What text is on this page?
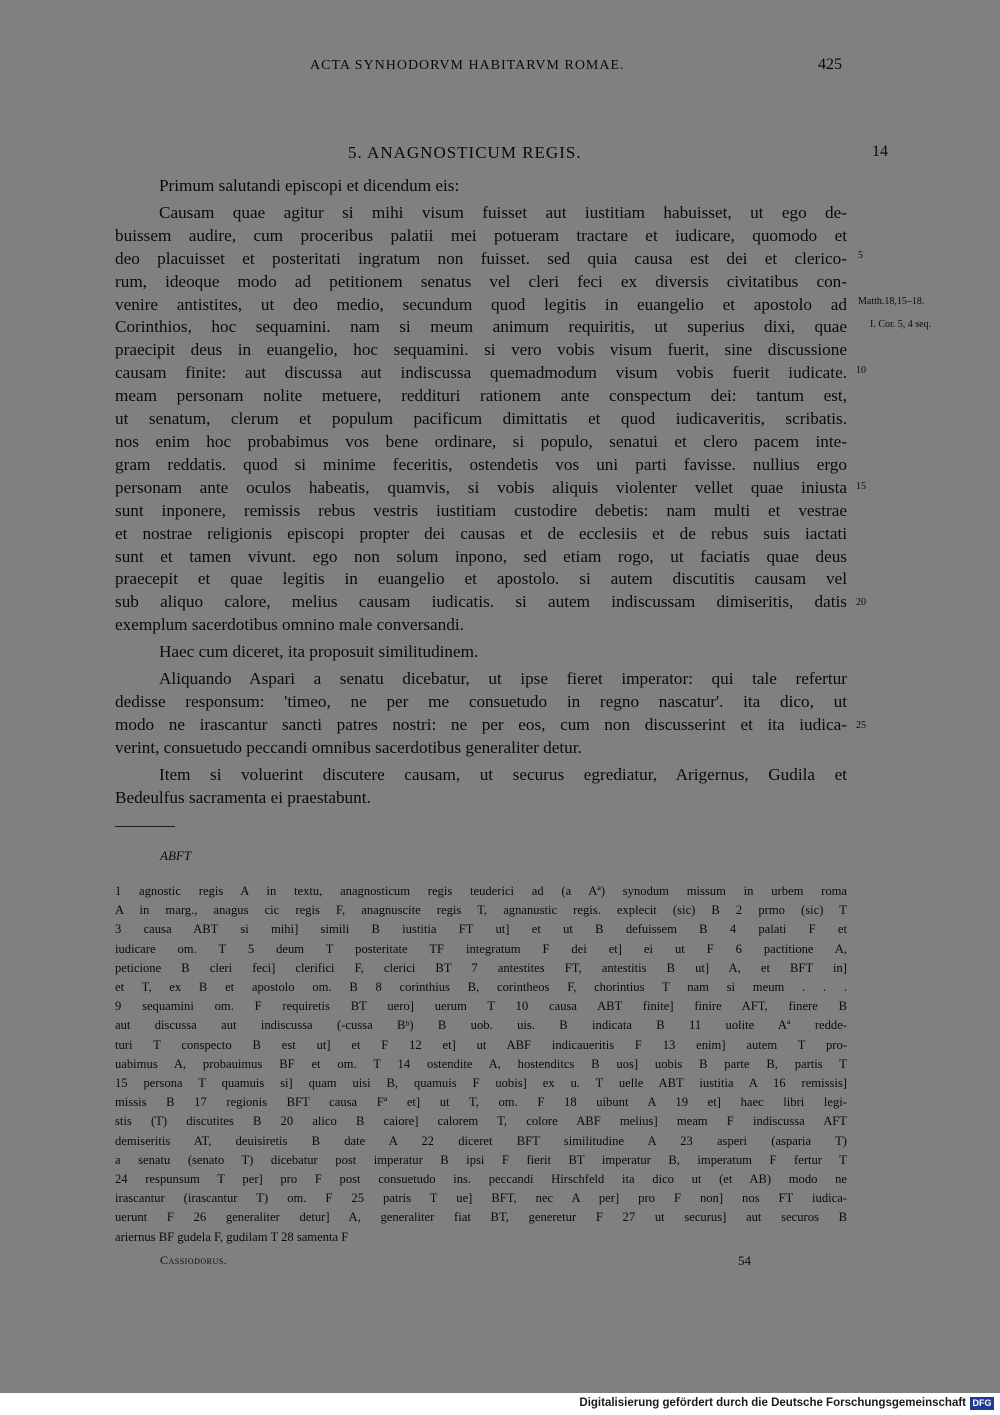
ACTA SYNHODORVM HABITARVM ROMAE.	425
5. ANAGNOSTICUM REGIS.	14

Primum salutandi episcopi et dicendum eis:

Causam quae agitur si mihi visum fuisset aut iustitiam habuisset, ut ego de-
buissem audire, cum proceribus palatii mei potueram tractare et iudicare, quomodo et
deo placuisset et posteritati ingratum non fuisset. sed quia causa est dei et clerico-
rum, ideoque modo ad petitionem senatus vel cleri feci ex diversis civitatibus con-
venire antistites, ut deo medio, secundum quod legitis in euangelio et apostolo ad
Corinthios, hoc sequamini. nam si meum animum requiritis, ut superius dixi, quae
praecipit deus in euangelio, hoc sequamini. si vero vobis visum fuerit, sine discussione
causam finite: aut discussa aut indiscussa quemadmodum visum vobis fuerit iudicate.
meam personam nolite metuere, reddituri rationem ante conspectum dei: tantum est,
ut senatum, clerum et populum pacificum dimittatis et quod iudicaveritis, scribatis.
nos enim hoc probabimus vos bene ordinare, si populo, senatui et clero pacem inte-
gram reddatis. quod si minime feceritis, ostendetis vos uni parti favisse. nullius ergo
personam ante oculos habeatis, quamvis, si vobis aliquis violenter vellet quae iniusta
sunt inponere, remissis rebus vestris iustitiam custodire debetis: nam multi et vestrae
et nostrae religionis episcopi propter dei causas et de ecclesiis et de rebus suis iactati
sunt et tamen vivunt. ego non solum inpono, sed etiam rogo, ut faciatis quae deus
praecepit et quae legitis in euangelio et apostolo. si autem discutitis causam vel
sub aliquo calore, melius causam iudicatis. si autem indiscussam dimiseritis, datis
exemplum sacerdotibus omnino male conversandi.

Haec cum diceret, ita proposuit similitudinem.

Aliquando Aspari a senatu dicebatur, ut ipse fieret imperator: qui tale refertur
dedisse responsum: 'timeo, ne per me consuetudo in regno nascatur'. ita dico, ut
modo ne irascantur sancti patres nostri: ne per eos, cum non discusserint et ita iudica-
verint, consuetudo peccandi omnibus sacerdotibus generaliter detur.

Item si voluerint discutere causam, ut securus egrediatur, Arigernus, Gudila et
Bedeulfus sacramenta ei praestabunt.

5
Matth.18,15–18.
I. Cor. 5, 4 seq.
10
15
20
25
ABFT
1 agnostic regis A in textu, anagnosticum regis teuderici ad (a Aª) synodum missum in urbem roma
A in marg., anagus cic regis F, anagnuscite regis T, agnanustic regis. explecit (sic) B 2 prmo (sic) T
3 causa ABT si mihi] simili B iustitia FT ut] et ut B defuissem B 4 palati F et
iudicare om. T 5 deum T posteritate TF integratum F dei et] ei ut F 6 pactitione A,
peticione B cleri feci] clerifici F, clerici BT 7 antestites FT, antestitis B ut] A, et BFT in]
et T, ex B et apostolo om. B 8 corinthius B, corintheos F, chorintius T nam si meum . . .
9 sequamini om. F requiretis BT uero] uerum T 10 causa ABT finite] finire AFT, finere B
aut discussa aut indiscussa (-cussa Bᵇ) B uob. uis. B indicata B 11 uolite Aª redde-
turi T conspecto B est ut] et F 12 et] ut ABF indicaueritis F 13 enim] autem T pro-
uabimus A, probauimus BF et om. T 14 ostendite A, hostenditcs B uos] uobis B parte B, partis T
15 persona T quamuis si] quam uisi B, quamuis F uobis] ex u. T uelle ABT iustitia A 16 remissis]
missis B 17 regionis BFT causa Fª et] ut T, om. F 18 uibunt A 19 et] haec libri legi-
stis (T) discutites B 20 alico B caiore] calorem T, colore ABF melius] meam F indiscussa AFT
demiseritis AT, deuisiretis B date A 22 diceret BFT similitudine A 23 asperi (asparia T)
a senatu (senato T) dicebatur post imperatur B ipsi F fierit BT imperatur B, imperatum F fertur T
24 respunsum T per] pro F post consuetudo ins. peccandi Hirschfeld ita dico ut (et AB) modo ne
irascantur (irascantur T) om. F 25 patris T ue] BFT, nec A per] pro F non] nos FT iudica-
uerunt F 26 generaliter detur] A, generaliter fiat BT, generetur F 27 ut securus] aut securos B
ariernus BF gudela F, gudilam T 28 samenta F
Cassiodorus.	54
Digitalisierung gefördert durch die Deutsche Forschungsgemeinschaft DFG
